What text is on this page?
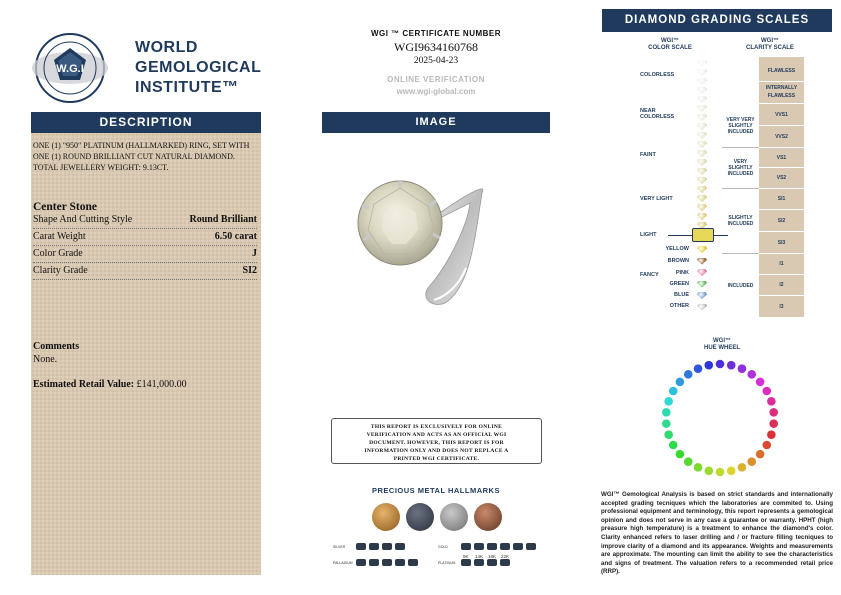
W.G.I
WORLD
GEMOLOGICAL
INSTITUTE™
DESCRIPTION
ONE (1) "950" PLATINUM (HALLMARKED) RING, SET WITH ONE (1) ROUND BRILLIANT CUT NATURAL DIAMOND. TOTAL JEWELLERY WEIGHT: 9.13CT.
Center Stone
Shape And Cutting Style	Round Brilliant
Carat Weight	6.50 carat
Color Grade	J
Clarity Grade	SI2
Comments
None.
Estimated Retail Value: £141,000.00
WGI ™ CERTIFICATE NUMBER
WGI9634160768
2025-04-23
ONLINE VERIFICATION
www.wgi-global.com
IMAGE
THIS REPORT IS EXCLUSIVELY FOR ONLINE VERIFICATION AND ACTS AS AN OFFICIAL WGI DOCUMENT. HOWEVER, THIS REPORT IS FOR INFORMATION ONLY AND DOES NOT REPLACE A PRINTED WGI CERTIFICATE.
PRECIOUS METAL HALLMARKS
SILVER
PALLADIUM
GOLD
PLATINUM
9K 14K 18K 22K
DIAMOND GRADING SCALES
WGI™
COLOR SCALE
WGI™
CLARITY SCALE
COLORLESS
NEAR COLORLESS
FAINT
VERY LIGHT
LIGHT
FANCY
YELLOW
BROWN
PINK
GREEN
BLUE
OTHER
FLAWLESS
INTERNALLY FLAWLESS
VVS1
VVS2
VS1
VS2
SI1
SI2
SI3
I1
I2
I3
VERY VERY SLIGHTLY INCLUDED
VERY SLIGHTLY INCLUDED
SLIGHTLY INCLUDED
INCLUDED
WGI™
HUE WHEEL
WGI™ Gemological Analysis is based on strict standards and internationally accepted grading tecniques which the laboratories are commited to. Using professional equipment and terminology, this report represents a gemological opinion and does not serve in any case a guarantee or warranty. HPHT (high preasure high temperature) is a treatment to enhance the diamond's color. Clarity enhanced refers to laser drilling and / or fracture filling tecniques to improve clarity of a diamond and its appearance. Weights and measurements are approximate. The mounting can limit the ability to see the characteristics and signs of treatment. The valuation refers to a recommended retail price (RRP).
